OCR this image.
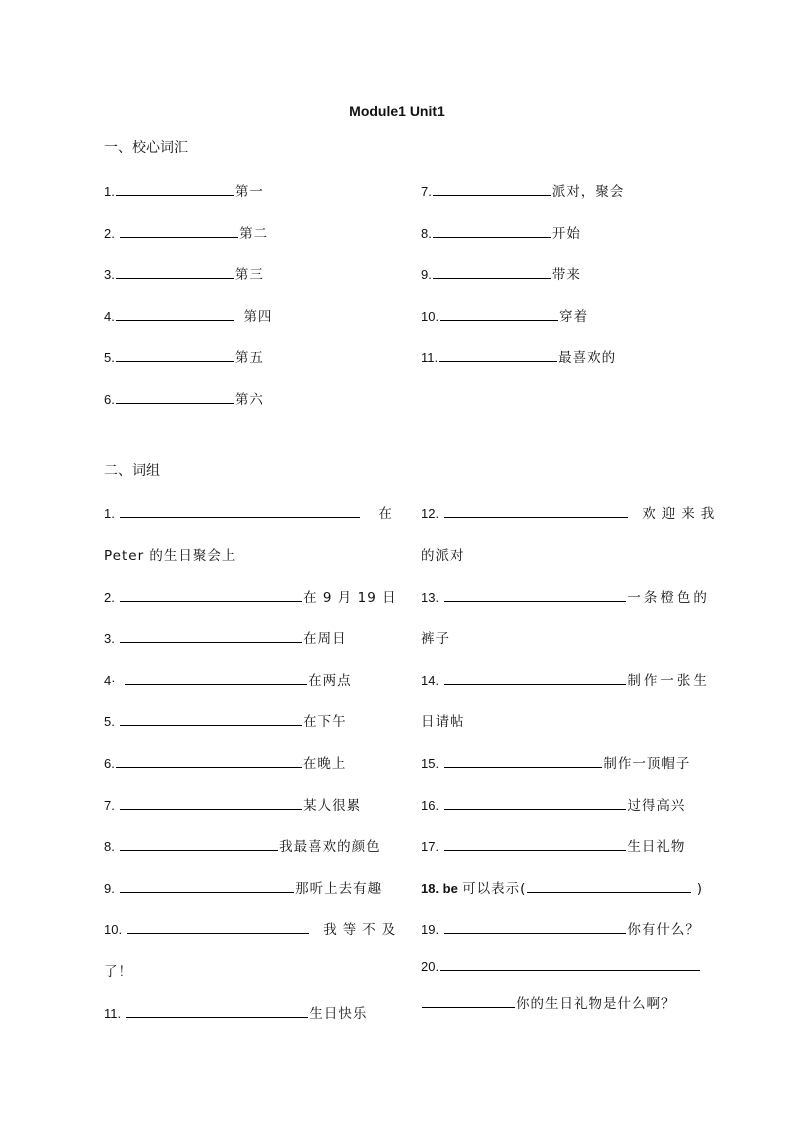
Module1 Unit1
一、校心词汇
1.	第一
2.	第二
3.	第三
4.	第四
5.	第五
6.	第六
7.	派对，聚会
8.	开始
9.	带来
10.	穿着
11.	最喜欢的
二、词组
1.	在
Peter 的生日聚会上
2.	在 9 月 19 日
3.	在周日
4·	在两点
5.	在下午
6.	在晚上
7.	某人很累
8.	我最喜欢的颜色
9.	那听上去有趣
10.	我等不及
了！
11.	生日快乐
12.	欢迎来我
的派对
13.	一条橙色的
裤子
14.	制作一张生
日请帖
15.	制作一顶帽子
16.	过得高兴
17.	生日礼物
18. be 可以表示(	)
19.	你有什么？
20.
你的生日礼物是什么啊？
